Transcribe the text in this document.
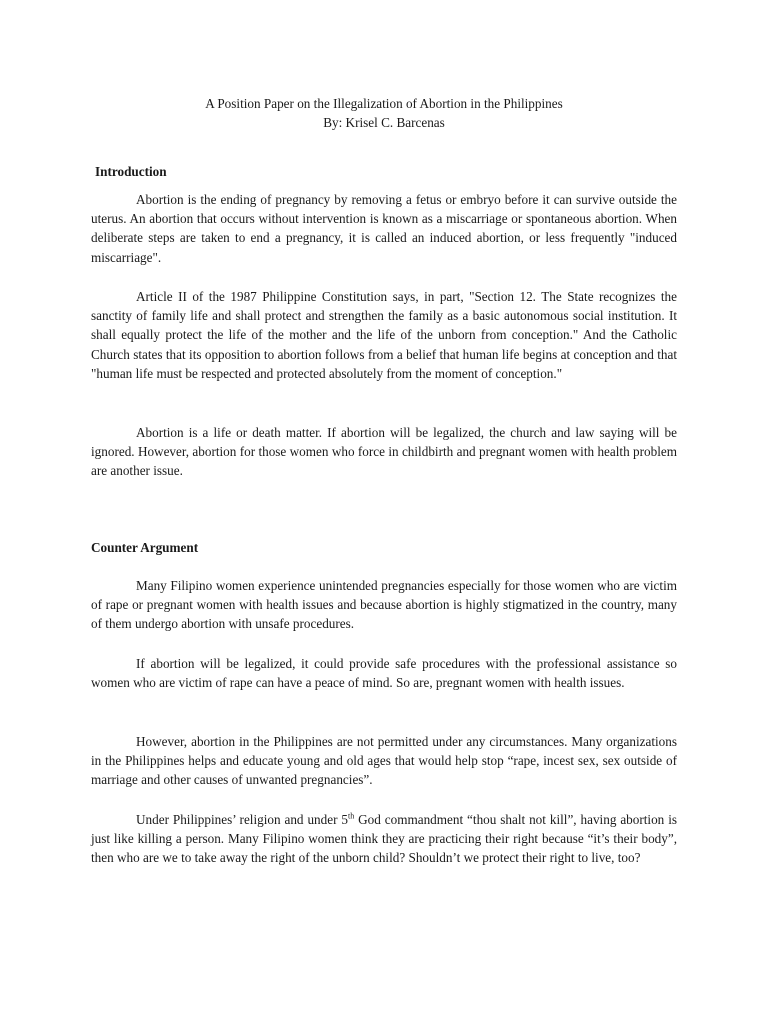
A Position Paper on the Illegalization of Abortion in the Philippines
By: Krisel C. Barcenas
Introduction

Abortion is the ending of pregnancy by removing a fetus or embryo before it can survive outside the uterus. An abortion that occurs without intervention is known as a miscarriage or spontaneous abortion. When deliberate steps are taken to end a pregnancy, it is called an induced abortion, or less frequently "induced miscarriage".

Article II of the 1987 Philippine Constitution says, in part, "Section 12. The State recognizes the sanctity of family life and shall protect and strengthen the family as a basic autonomous social institution. It shall equally protect the life of the mother and the life of the unborn from conception." And the Catholic Church states that its opposition to abortion follows from a belief that human life begins at conception and that "human life must be respected and protected absolutely from the moment of conception."

Abortion is a life or death matter. If abortion will be legalized, the church and law saying will be ignored. However, abortion for those women who force in childbirth and pregnant women with health problem are another issue.

Counter Argument

Many Filipino women experience unintended pregnancies especially for those women who are victim of rape or pregnant women with health issues and because abortion is highly stigmatized in the country, many of them undergo abortion with unsafe procedures.

If abortion will be legalized, it could provide safe procedures with the professional assistance so women who are victim of rape can have a peace of mind. So are, pregnant women with health issues.

However, abortion in the Philippines are not permitted under any circumstances. Many organizations in the Philippines helps and educate young and old ages that would help stop “rape, incest sex, sex outside of marriage and other causes of unwanted pregnancies”.

Under Philippines’ religion and under 5th God commandment “thou shalt not kill”, having abortion is just like killing a person. Many Filipino women think they are practicing their right because “it’s their body”, then who are we to take away the right of the unborn child? Shouldn’t we protect their right to live, too?
